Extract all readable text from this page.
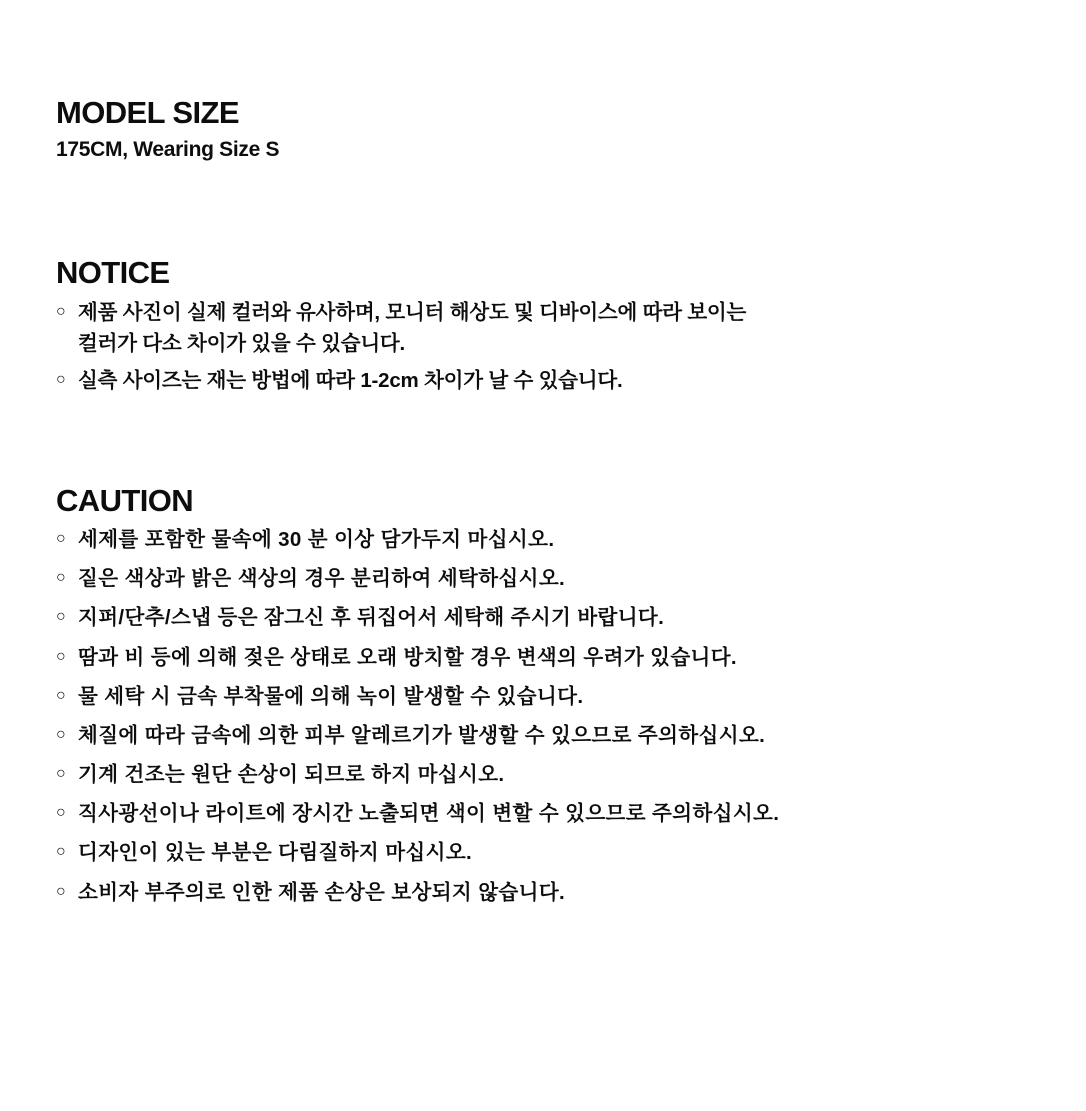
MODEL SIZE

175CM, Wearing Size S

NOTICE
○ 제품 사진이 실제 컬러와 유사하며, 모니터 해상도 및 디바이스에 따라 보이는
컬러가 다소 차이가 있을 수 있습니다.
○ 실측 사이즈는 재는 방법에 따라 1-2cm 차이가 날 수 있습니다.
CAUTION
○ 세제를 포함한 물속에 30 분 이상 담가두지 마십시오.
○ 짙은 색상과 밝은 색상의 경우 분리하여 세탁하십시오.
○ 지퍼/단추/스냅 등은 잠그신 후 뒤집어서 세탁해 주시기 바랍니다.
○ 땀과 비 등에 의해 젖은 상태로 오래 방치할 경우 변색의 우려가 있습니다.
○ 물 세탁 시 금속 부착물에 의해 녹이 발생할 수 있습니다.
○ 체질에 따라 금속에 의한 피부 알레르기가 발생할 수 있으므로 주의하십시오.
○ 기계 건조는 원단 손상이 되므로 하지 마십시오.
○ 직사광선이나 라이트에 장시간 노출되면 색이 변할 수 있으므로 주의하십시오.
○ 디자인이 있는 부분은 다림질하지 마십시오.
○ 소비자 부주의로 인한 제품 손상은 보상되지 않습니다.
